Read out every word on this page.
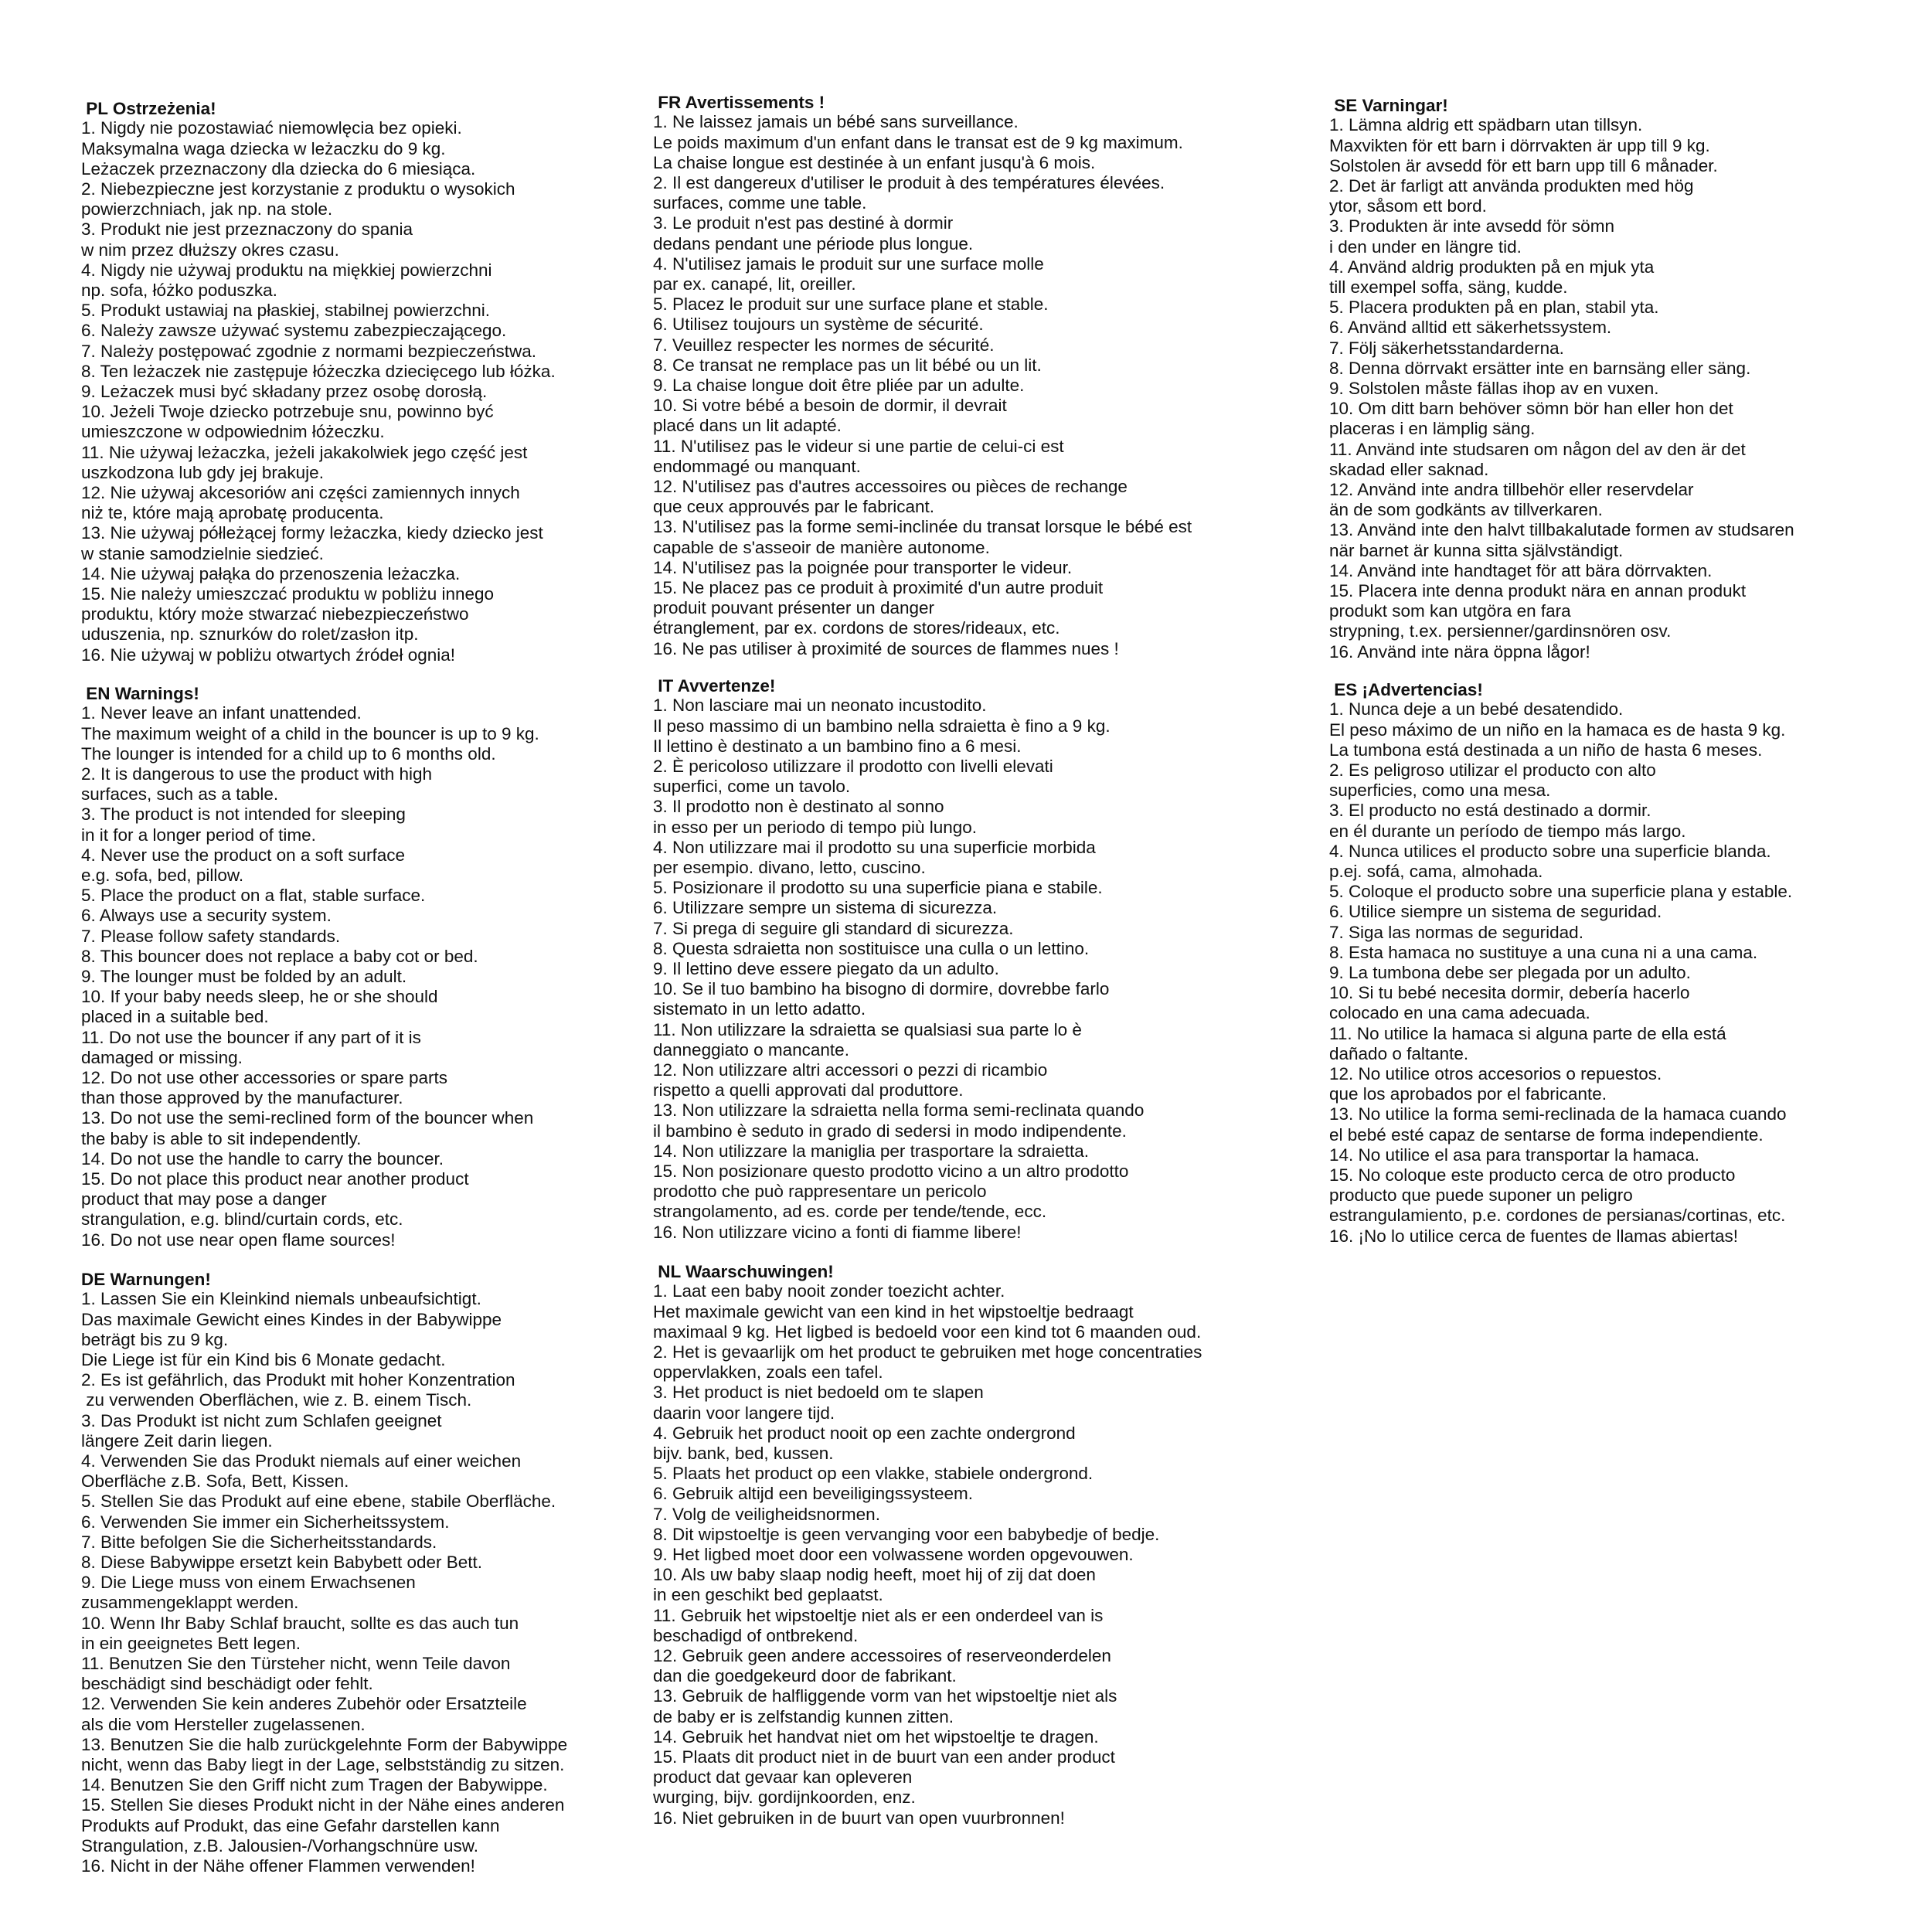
PL Ostrzeżenia!
1. Nigdy nie pozostawiać niemowlęcia bez opieki.
Maksymalna waga dziecka w leżaczku do 9 kg.
Leżaczek przeznaczony dla dziecka do 6 miesiąca.
2. Niebezpieczne jest korzystanie z produktu o wysokich
powierzchniach, jak np. na stole.
3. Produkt nie jest przeznaczony do spania
w nim przez dłuższy okres czasu.
4. Nigdy nie używaj produktu na miękkiej powierzchni
np. sofa, łóżko poduszka.
5. Produkt ustawiaj na płaskiej, stabilnej powierzchni.
6. Należy zawsze używać systemu zabezpieczającego.
7. Należy postępować zgodnie z normami bezpieczeństwa.
8. Ten leżaczek nie zastępuje łóżeczka dziecięcego lub łóżka.
9. Leżaczek musi być składany przez osobę dorosłą.
10. Jeżeli Twoje dziecko potrzebuje snu, powinno być
umieszczone w odpowiednim łóżeczku.
11. Nie używaj leżaczka, jeżeli jakakolwiek jego część jest
uszkodzona lub gdy jej brakuje.
12. Nie używaj akcesoriów ani części zamiennych innych
niż te, które mają aprobatę producenta.
13. Nie używaj półleżącej formy leżaczka, kiedy dziecko jest
w stanie samodzielnie siedzieć.
14. Nie używaj pałąka do przenoszenia leżaczka.
15. Nie należy umieszczać produktu w pobliżu innego
produktu, który może stwarzać niebezpieczeństwo
uduszenia, np. sznurków do rolet/zasłon itp.
16. Nie używaj w pobliżu otwartych źródeł ognia!
EN Warnings!
1. Never leave an infant unattended.
The maximum weight of a child in the bouncer is up to 9 kg.
The lounger is intended for a child up to 6 months old.
2. It is dangerous to use the product with high
surfaces, such as a table.
3. The product is not intended for sleeping
in it for a longer period of time.
4. Never use the product on a soft surface
e.g. sofa, bed, pillow.
5. Place the product on a flat, stable surface.
6. Always use a security system.
7. Please follow safety standards.
8. This bouncer does not replace a baby cot or bed.
9. The lounger must be folded by an adult.
10. If your baby needs sleep, he or she should
placed in a suitable bed.
11. Do not use the bouncer if any part of it is
damaged or missing.
12. Do not use other accessories or spare parts
than those approved by the manufacturer.
13. Do not use the semi-reclined form of the bouncer when
the baby is able to sit independently.
14. Do not use the handle to carry the bouncer.
15. Do not place this product near another product
product that may pose a danger
strangulation, e.g. blind/curtain cords, etc.
16. Do not use near open flame sources!
DE Warnungen!
1. Lassen Sie ein Kleinkind niemals unbeaufsichtigt.
Das maximale Gewicht eines Kindes in der Babywippe
beträgt bis zu 9 kg.
Die Liege ist für ein Kind bis 6 Monate gedacht.
2. Es ist gefährlich, das Produkt mit hoher Konzentration
zu verwenden Oberflächen, wie z. B. einem Tisch.
3. Das Produkt ist nicht zum Schlafen geeignet
längere Zeit darin liegen.
4. Verwenden Sie das Produkt niemals auf einer weichen
Oberfläche z.B. Sofa, Bett, Kissen.
5. Stellen Sie das Produkt auf eine ebene, stabile Oberfläche.
6. Verwenden Sie immer ein Sicherheitssystem.
7. Bitte befolgen Sie die Sicherheitsstandards.
8. Diese Babywippe ersetzt kein Babybett oder Bett.
9. Die Liege muss von einem Erwachsenen
zusammengeklappt werden.
10. Wenn Ihr Baby Schlaf braucht, sollte es das auch tun
in ein geeignetes Bett legen.
11. Benutzen Sie den Türsteher nicht, wenn Teile davon
beschädigt sind beschädigt oder fehlt.
12. Verwenden Sie kein anderes Zubehör oder Ersatzteile
als die vom Hersteller zugelassenen.
13. Benutzen Sie die halb zurückgelehnte Form der Babywippe
nicht, wenn das Baby liegt in der Lage, selbstständig zu sitzen.
14. Benutzen Sie den Griff nicht zum Tragen der Babywippe.
15. Stellen Sie dieses Produkt nicht in der Nähe eines anderen
Produkts auf Produkt, das eine Gefahr darstellen kann
Strangulation, z.B. Jalousien-/Vorhangschnüre usw.
16. Nicht in der Nähe offener Flammen verwenden!
FR Avertissements !
1. Ne laissez jamais un bébé sans surveillance.
Le poids maximum d'un enfant dans le transat est de 9 kg maximum.
La chaise longue est destinée à un enfant jusqu'à 6 mois.
2. Il est dangereux d'utiliser le produit à des températures élevées.
surfaces, comme une table.
3. Le produit n'est pas destiné à dormir
dedans pendant une période plus longue.
4. N'utilisez jamais le produit sur une surface molle
par ex. canapé, lit, oreiller.
5. Placez le produit sur une surface plane et stable.
6. Utilisez toujours un système de sécurité.
7. Veuillez respecter les normes de sécurité.
8. Ce transat ne remplace pas un lit bébé ou un lit.
9. La chaise longue doit être pliée par un adulte.
10. Si votre bébé a besoin de dormir, il devrait
placé dans un lit adapté.
11. N'utilisez pas le videur si une partie de celui-ci est
endommagé ou manquant.
12. N'utilisez pas d'autres accessoires ou pièces de rechange
que ceux approuvés par le fabricant.
13. N'utilisez pas la forme semi-inclinée du transat lorsque le bébé est
capable de s'asseoir de manière autonome.
14. N'utilisez pas la poignée pour transporter le videur.
15. Ne placez pas ce produit à proximité d'un autre produit
produit pouvant présenter un danger
étranglement, par ex. cordons de stores/rideaux, etc.
16. Ne pas utiliser à proximité de sources de flammes nues !
IT Avvertenze!
1. Non lasciare mai un neonato incustodito.
Il peso massimo di un bambino nella sdraietta è fino a 9 kg.
Il lettino è destinato a un bambino fino a 6 mesi.
2. È pericoloso utilizzare il prodotto con livelli elevati
superfici, come un tavolo.
3. Il prodotto non è destinato al sonno
in esso per un periodo di tempo più lungo.
4. Non utilizzare mai il prodotto su una superficie morbida
per esempio. divano, letto, cuscino.
5. Posizionare il prodotto su una superficie piana e stabile.
6. Utilizzare sempre un sistema di sicurezza.
7. Si prega di seguire gli standard di sicurezza.
8. Questa sdraietta non sostituisce una culla o un lettino.
9. Il lettino deve essere piegato da un adulto.
10. Se il tuo bambino ha bisogno di dormire, dovrebbe farlo
sistemato in un letto adatto.
11. Non utilizzare la sdraietta se qualsiasi sua parte lo è
danneggiato o mancante.
12. Non utilizzare altri accessori o pezzi di ricambio
rispetto a quelli approvati dal produttore.
13. Non utilizzare la sdraietta nella forma semi-reclinata quando
il bambino è seduto in grado di sedersi in modo indipendente.
14. Non utilizzare la maniglia per trasportare la sdraietta.
15. Non posizionare questo prodotto vicino a un altro prodotto
prodotto che può rappresentare un pericolo
strangolamento, ad es. corde per tende/tende, ecc.
16. Non utilizzare vicino a fonti di fiamme libere!
NL Waarschuwingen!
1. Laat een baby nooit zonder toezicht achter.
Het maximale gewicht van een kind in het wipstoeltje bedraagt
maximaal 9 kg. Het ligbed is bedoeld voor een kind tot 6 maanden oud.
2. Het is gevaarlijk om het product te gebruiken met hoge concentraties
oppervlakken, zoals een tafel.
3. Het product is niet bedoeld om te slapen
daarin voor langere tijd.
4. Gebruik het product nooit op een zachte ondergrond
bijv. bank, bed, kussen.
5. Plaats het product op een vlakke, stabiele ondergrond.
6. Gebruik altijd een beveiligingssysteem.
7. Volg de veiligheidsnormen.
8. Dit wipstoeltje is geen vervanging voor een babybedje of bedje.
9. Het ligbed moet door een volwassene worden opgevouwen.
10. Als uw baby slaap nodig heeft, moet hij of zij dat doen
in een geschikt bed geplaatst.
11. Gebruik het wipstoeltje niet als er een onderdeel van is
beschadigd of ontbrekend.
12. Gebruik geen andere accessoires of reserveonderdelen
dan die goedgekeurd door de fabrikant.
13. Gebruik de halfliggende vorm van het wipstoeltje niet als
de baby er is zelfstandig kunnen zitten.
14. Gebruik het handvat niet om het wipstoeltje te dragen.
15. Plaats dit product niet in de buurt van een ander product
product dat gevaar kan opleveren
wurging, bijv. gordijnkoorden, enz.
16. Niet gebruiken in de buurt van open vuurbronnen!
SE Varningar!
1. Lämna aldrig ett spädbarn utan tillsyn.
Maxvikten för ett barn i dörrvakten är upp till 9 kg.
Solstolen är avsedd för ett barn upp till 6 månader.
2. Det är farligt att använda produkten med hög
ytor, såsom ett bord.
3. Produkten är inte avsedd för sömn
i den under en längre tid.
4. Använd aldrig produkten på en mjuk yta
till exempel soffa, säng, kudde.
5. Placera produkten på en plan, stabil yta.
6. Använd alltid ett säkerhetssystem.
7. Följ säkerhetsstandarderna.
8. Denna dörrvakt ersätter inte en barnsäng eller säng.
9. Solstolen måste fällas ihop av en vuxen.
10. Om ditt barn behöver sömn bör han eller hon det
placeras i en lämplig säng.
11. Använd inte studsaren om någon del av den är det
skadad eller saknad.
12. Använd inte andra tillbehör eller reservdelar
än de som godkänts av tillverkaren.
13. Använd inte den halvt tillbakalutade formen av studsaren
när barnet är kunna sitta självständigt.
14. Använd inte handtaget för att bära dörrvakten.
15. Placera inte denna produkt nära en annan produkt
produkt som kan utgöra en fara
strypning, t.ex. persienner/gardinsnören osv.
16. Använd inte nära öppna lågor!
ES ¡Advertencias!
1. Nunca deje a un bebé desatendido.
El peso máximo de un niño en la hamaca es de hasta 9 kg.
La tumbona está destinada a un niño de hasta 6 meses.
2. Es peligroso utilizar el producto con alto
superficies, como una mesa.
3. El producto no está destinado a dormir.
en él durante un período de tiempo más largo.
4. Nunca utilices el producto sobre una superficie blanda.
p.ej. sofá, cama, almohada.
5. Coloque el producto sobre una superficie plana y estable.
6. Utilice siempre un sistema de seguridad.
7. Siga las normas de seguridad.
8. Esta hamaca no sustituye a una cuna ni a una cama.
9. La tumbona debe ser plegada por un adulto.
10. Si tu bebé necesita dormir, debería hacerlo
colocado en una cama adecuada.
11. No utilice la hamaca si alguna parte de ella está
dañado o faltante.
12. No utilice otros accesorios o repuestos.
que los aprobados por el fabricante.
13. No utilice la forma semi-reclinada de la hamaca cuando
el bebé esté capaz de sentarse de forma independiente.
14. No utilice el asa para transportar la hamaca.
15. No coloque este producto cerca de otro producto
producto que puede suponer un peligro
estrangulamiento, p.e. cordones de persianas/cortinas, etc.
16. ¡No lo utilice cerca de fuentes de llamas abiertas!
